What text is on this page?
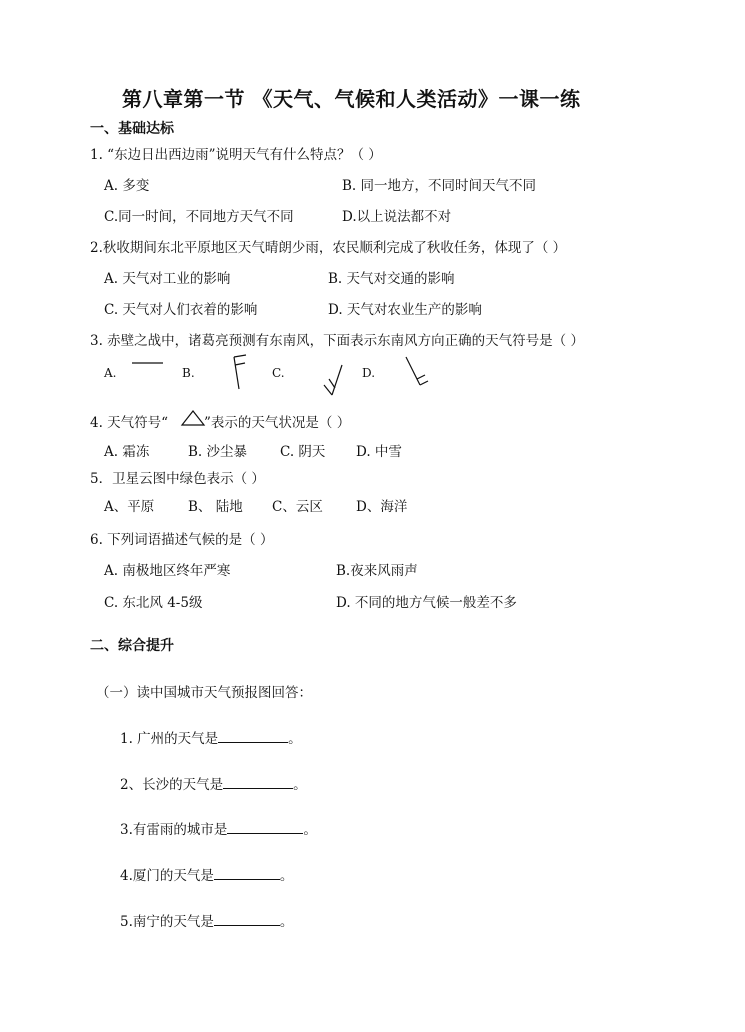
第八章第一节 《天气、气候和人类活动》一课一练
一、基础达标
1. “东边日出西边雨”说明天气有什么特点？（ ）
A. 多变	B. 同一地方，不同时间天气不同
C.同一时间，不同地方天气不同	D.以上说法都不对
2.秋收期间东北平原地区天气晴朗少雨，农民顺利完成了秋收任务，体现了（ ）
A. 天气对工业的影响	B. 天气对交通的影响
C. 天气对人们衣着的影响	D. 天气对农业生产的影响
3. 赤壁之战中，诸葛亮预测有东南风，下面表示东南风方向正确的天气符号是（ ）
A.	B.	C.	D.
4. 天气符号“	”表示的天气状况是（ ）
A. 霜冻	B. 沙尘暴 C. 阴天 D. 中雪
5．卫星云图中绿色表示（ ）
A、平原	B、 陆地 C、云区 D、海洋
6. 下列词语描述气候的是（ ）
A. 南极地区终年严寒	B.夜来风雨声
C. 东北风 4-5级	D. 不同的地方气候一般差不多
二、综合提升
（一）读中国城市天气预报图回答：
1. 广州的天气是	。
2、长沙的天气是	。
3.有雷雨的城市是	。
4.厦门的天气是	。
5.南宁的天气是	。
